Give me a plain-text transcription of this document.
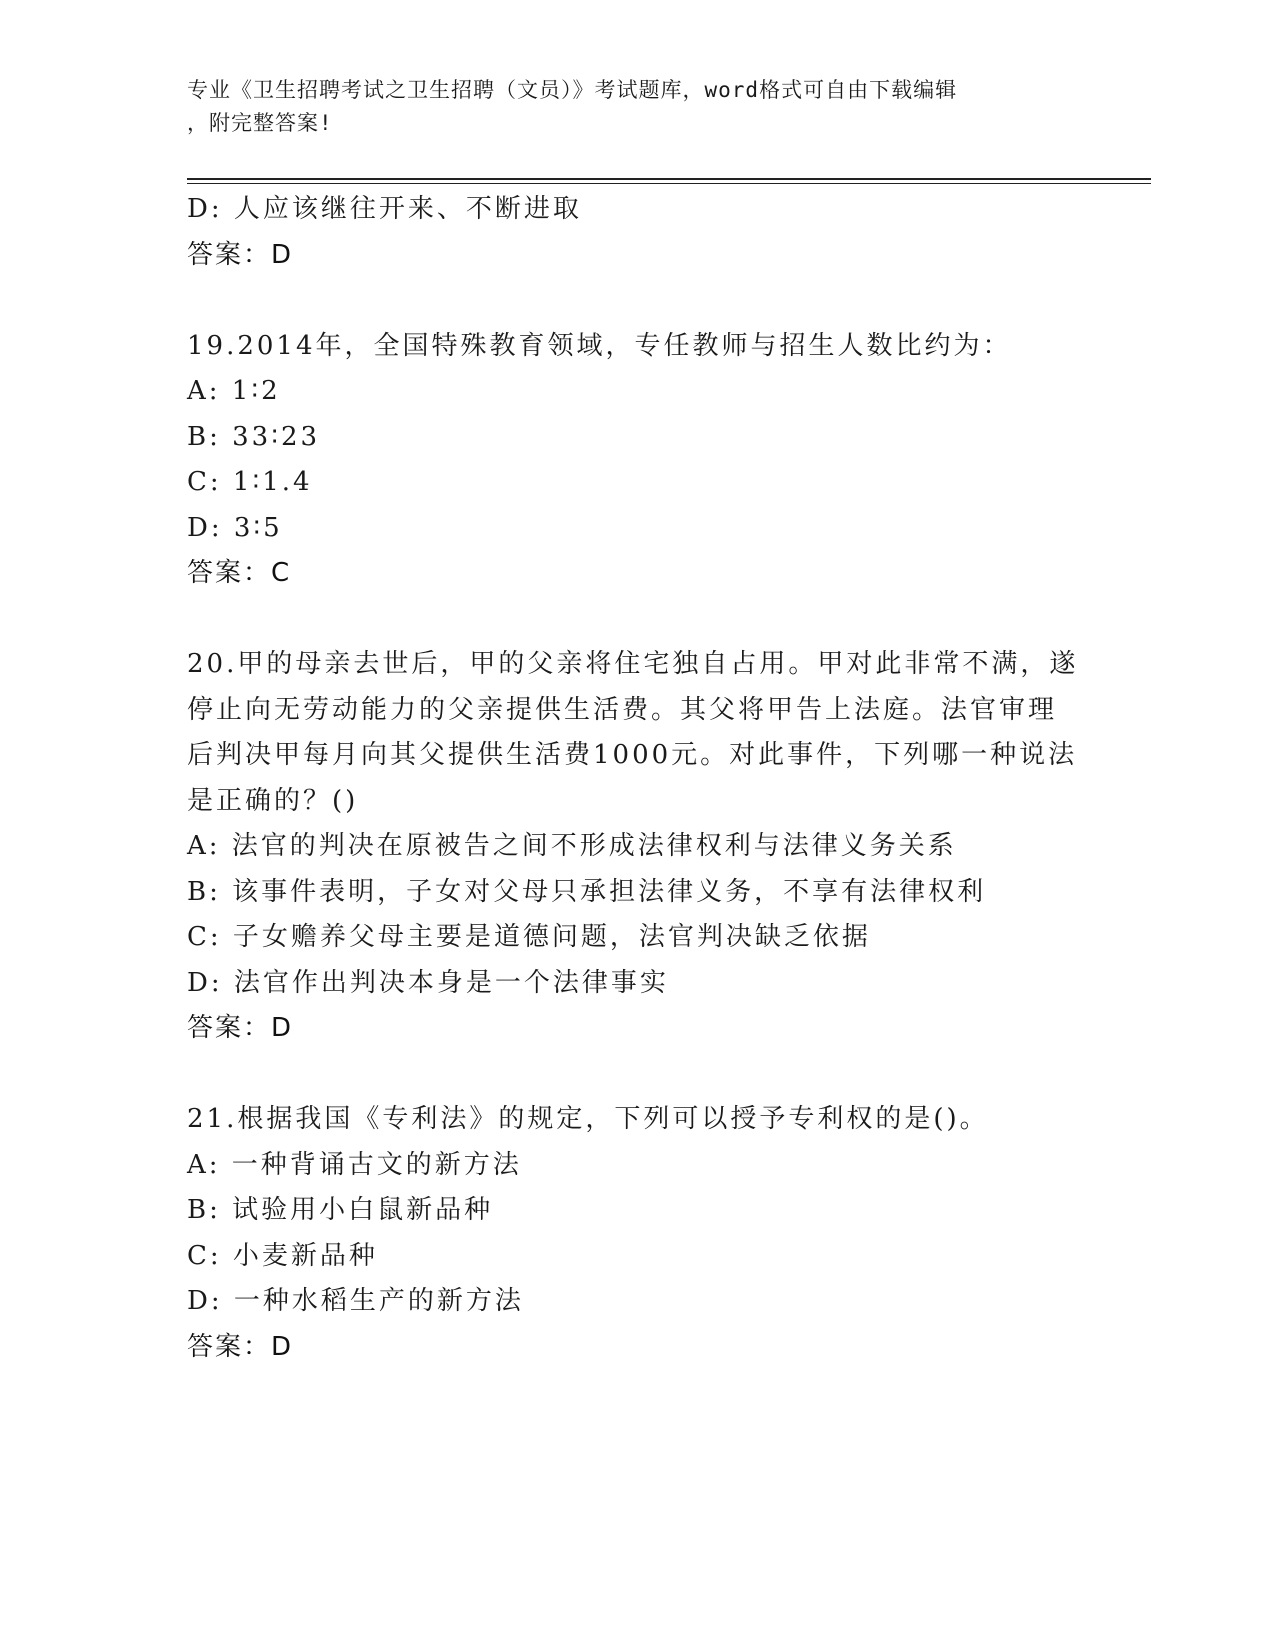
专业《卫生招聘考试之卫生招聘（文员）》考试题库，word格式可自由下载编辑
，附完整答案!
D: 人应该继往开来、不断进取
答案：D
19.2014年，全国特殊教育领域，专任教师与招生人数比约为：
A: 1∶2
B: 33∶23
C: 1∶1.4
D: 3∶5
答案：C
20.甲的母亲去世后，甲的父亲将住宅独自占用。甲对此非常不满，遂
停止向无劳动能力的父亲提供生活费。其父将甲告上法庭。法官审理
后判决甲每月向其父提供生活费1000元。对此事件，下列哪一种说法
是正确的？()
A: 法官的判决在原被告之间不形成法律权利与法律义务关系
B: 该事件表明，子女对父母只承担法律义务，不享有法律权利
C: 子女赡养父母主要是道德问题，法官判决缺乏依据
D: 法官作出判决本身是一个法律事实
答案：D
21.根据我国《专利法》的规定，下列可以授予专利权的是()。
A: 一种背诵古文的新方法
B: 试验用小白鼠新品种
C: 小麦新品种
D: 一种水稻生产的新方法
答案：D
